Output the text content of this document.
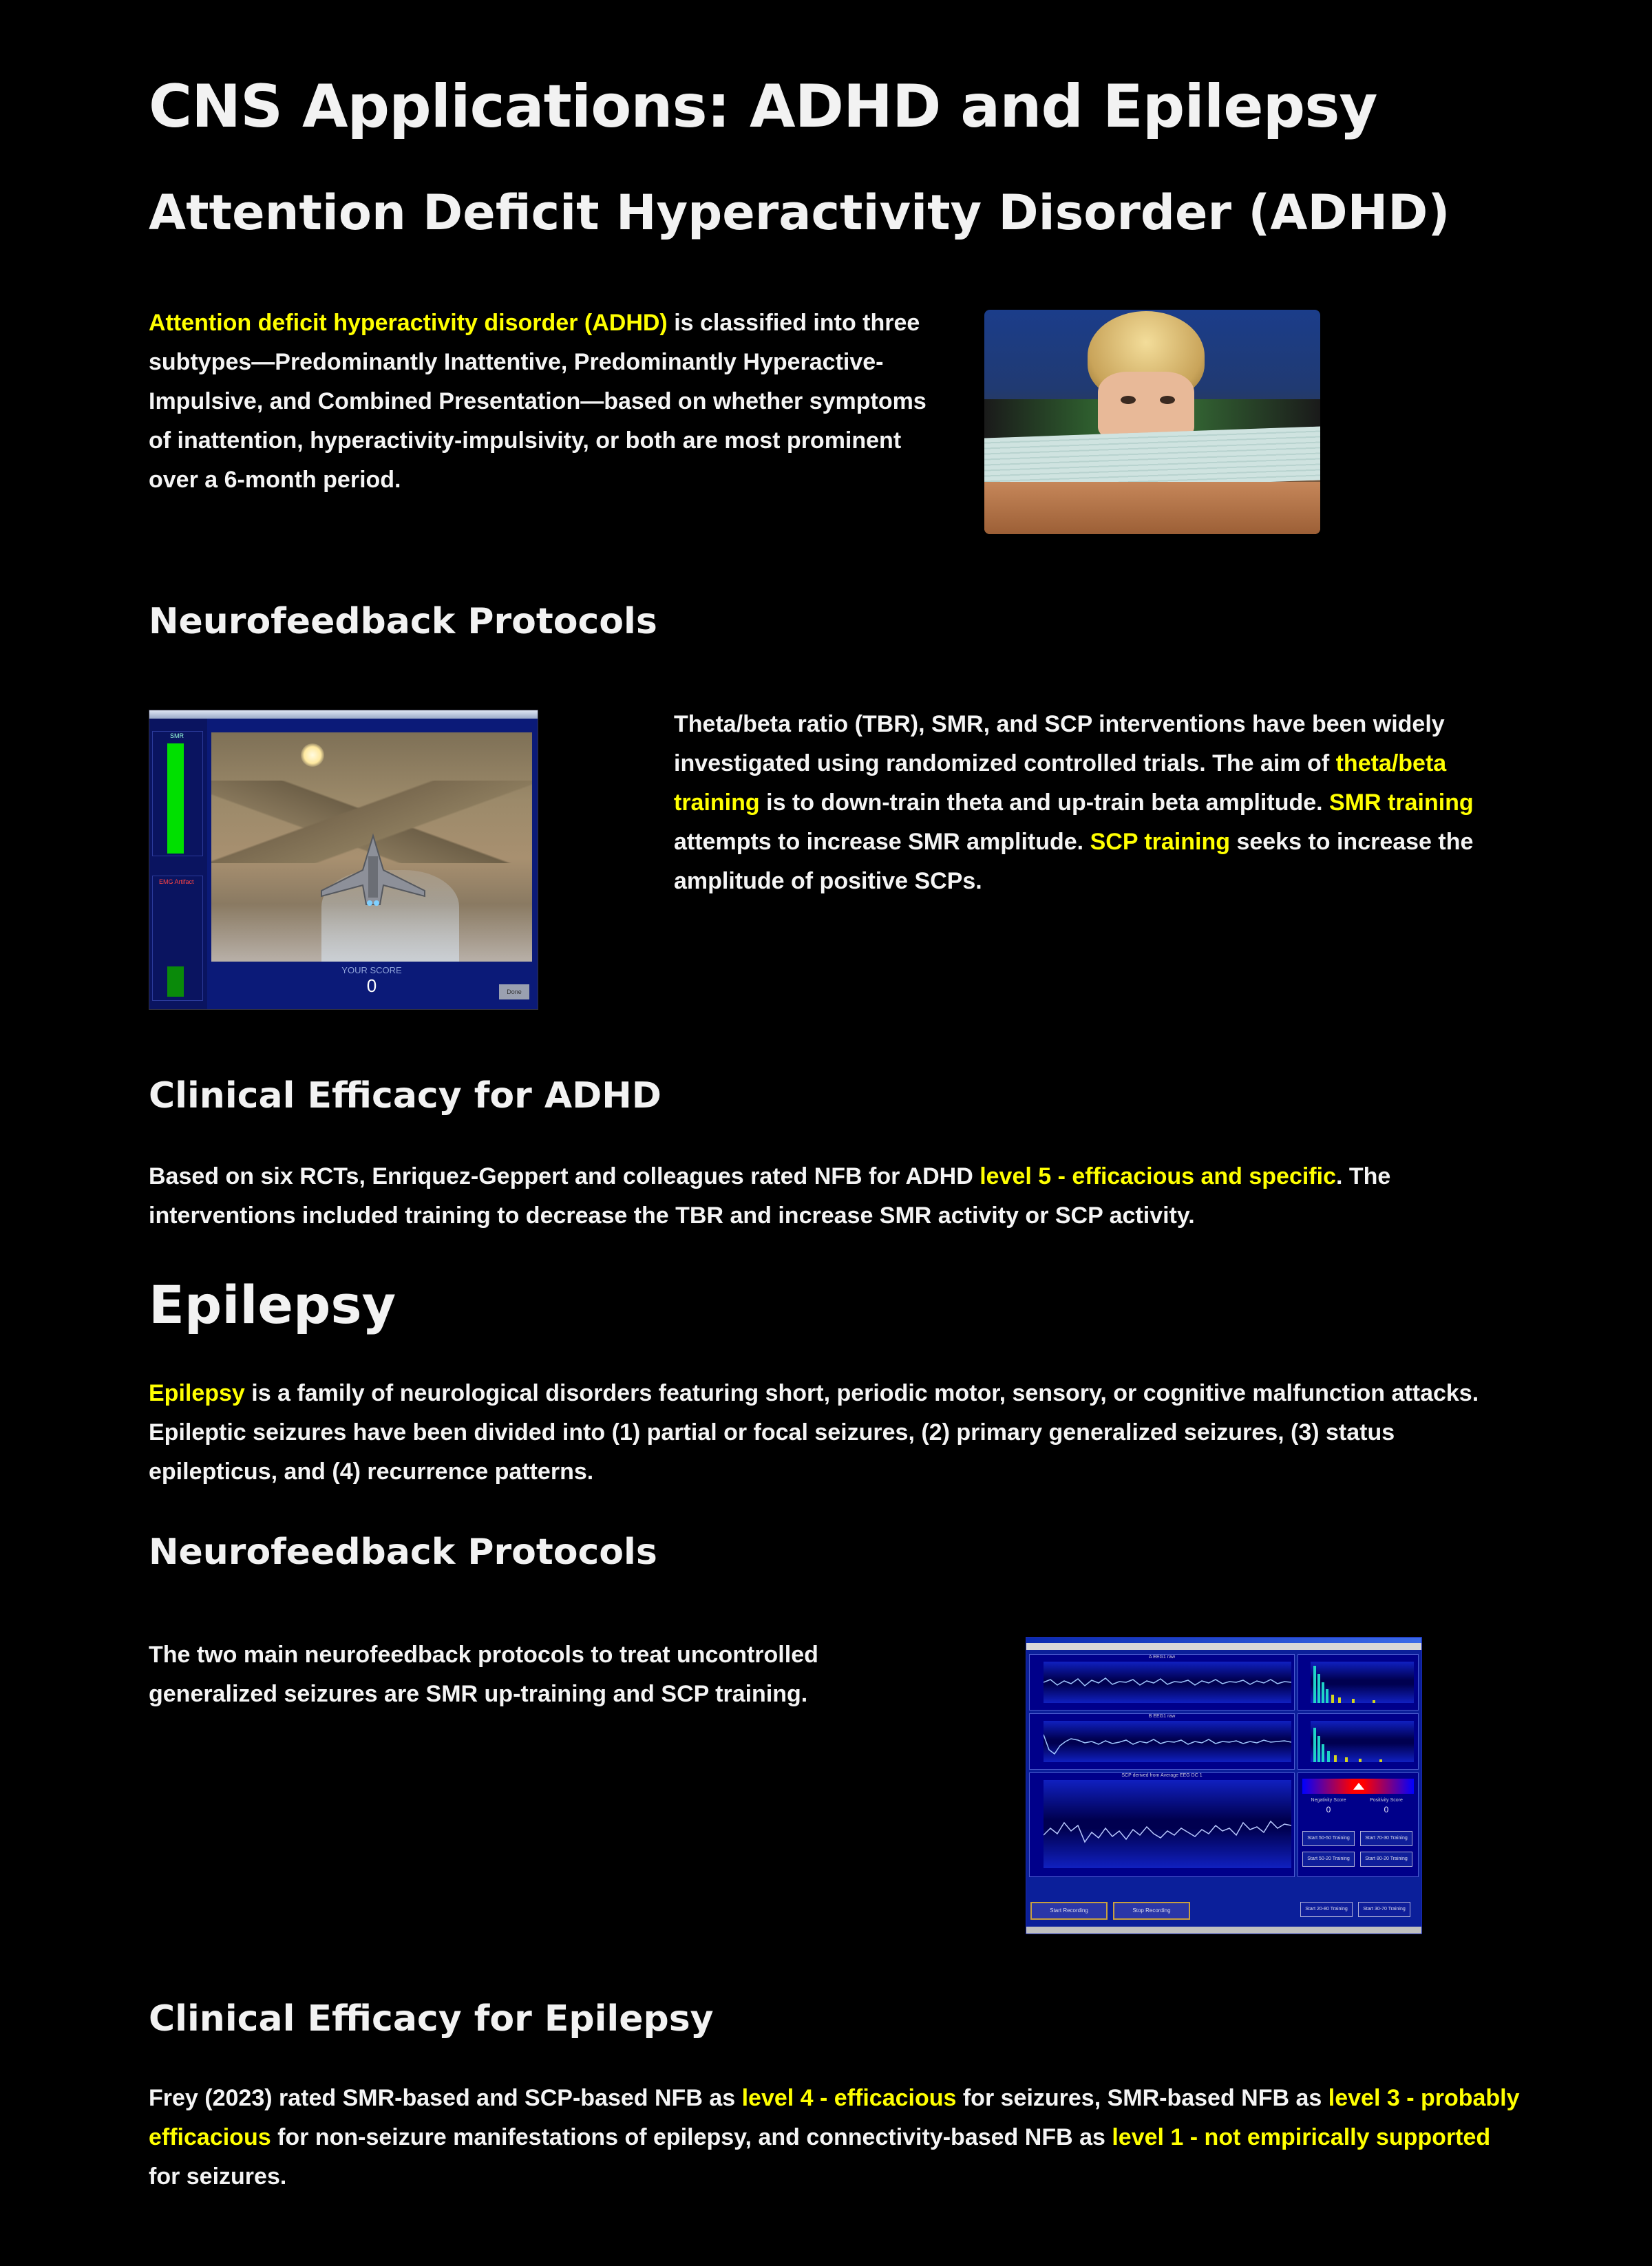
CNS Applications: ADHD and Epilepsy
Attention Deficit Hyperactivity Disorder (ADHD)
Attention deficit hyperactivity disorder (ADHD) is classified into three subtypes—Predominantly Inattentive, Predominantly Hyperactive-Impulsive, and Combined Presentation—based on whether symptoms of inattention, hyperactivity-impulsivity, or both are most prominent over a 6-month period.
Neurofeedback Protocols
SMR
EMG Artifact
YOUR SCORE
0	Done
Theta/beta ratio (TBR), SMR, and SCP interventions have been widely investigated using randomized controlled trials. The aim of theta/beta training is to down-train theta and up-train beta amplitude. SMR training attempts to increase SMR amplitude. SCP training seeks to increase the amplitude of positive SCPs.
Clinical Efficacy for ADHD
Based on six RCTs, Enriquez-Geppert and colleagues rated NFB for ADHD level 5 - efficacious and specific. The interventions included training to decrease the TBR and increase SMR activity or SCP activity.
Epilepsy
Epilepsy is a family of neurological disorders featuring short, periodic motor, sensory, or cognitive malfunction attacks. Epileptic seizures have been divided into (1) partial or focal seizures, (2) primary generalized seizures, (3) status epilepticus, and (4) recurrence patterns.
Neurofeedback Protocols
The two main neurofeedback protocols to treat uncontrolled generalized seizures are SMR up-training and SCP training.
A EEG1 raw
B EEG1 raw
SCP derived from Average EEG DC 1
Negativity Score	Positivity Score
0	0
Start 50-50 Training	Start 70-30 Training
Start 50-20 Training	Start 80-20 Training
Start Recording	Stop Recording	Start 20-80 Training	Start 30-70 Training
Clinical Efficacy for Epilepsy
Frey (2023) rated SMR-based and SCP-based NFB as level 4 - efficacious for seizures, SMR-based NFB as level 3 - probably efficacious for non-seizure manifestations of epilepsy, and connectivity-based NFB as level 1 - not empirically supported for seizures.
